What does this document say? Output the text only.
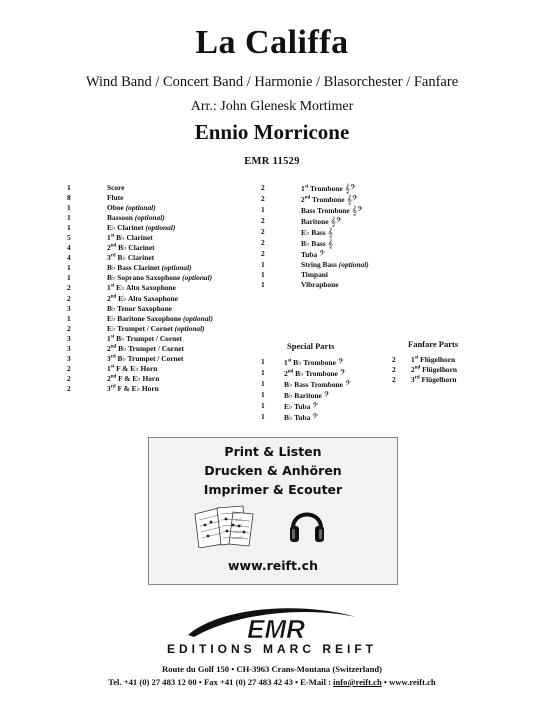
La Califfa
Wind Band / Concert Band / Harmonie / Blasorchester / Fanfare
Arr.: John Glenesk Mortimer
Ennio Morricone
EMR 11529
1	Score
8	Flute
1	Oboe (optional)
1	Bassoon (optional)
1	E♭ Clarinet (optional)
5	1st B♭ Clarinet
4	2nd B♭ Clarinet
4	3rd B♭ Clarinet
1	B♭ Bass Clarinet (optional)
1	B♭ Soprano Saxophone (optional)
2	1st E♭ Alto Saxophone
2	2nd E♭ Alto Saxophone
3	B♭ Tenor Saxophone
1	E♭ Baritone Saxophone (optional)
2	E♭ Trumpet / Cornet (optional)
3	1st B♭ Trumpet / Cornet
3	2nd B♭ Trumpet / Cornet
3	3rd B♭ Trumpet / Cornet
2	1st F & E♭ Horn
2	2nd F & E♭ Horn
2	3rd F & E♭ Horn
2	1st Trombone 𝄞𝄢
2	2nd Trombone 𝄞𝄢
1	Bass Trombone 𝄞𝄢
2	Baritone 𝄞𝄢
2	E♭ Bass 𝄞
2	B♭ Bass 𝄞
2	Tuba 𝄢
1	String Bass (optional)
1	Timpani
1	Vibraphone
Special Parts
1	1st B♭ Trombone 𝄢
1	2nd B♭ Trombone 𝄢
1	B♭ Bass Trombone 𝄢
1	B♭ Baritone 𝄢
1	E♭ Tuba 𝄢
1	B♭ Tuba 𝄢
Fanfare Parts
2	1st Flügelhorn
2	2nd Flügelhorn
2	3rd Flügelhorn
Print & Listen
Drucken & Anhören
Imprimer & Ecouter
www.reift.ch
EMR
EDITIONS MARC REIFT
Route du Golf 150 • CH-3963 Crans-Montana (Switzerland)
Tel. +41 (0) 27 483 12 00 • Fax +41 (0) 27 483 42 43 • E-Mail : info@reift.ch • www.reift.ch
